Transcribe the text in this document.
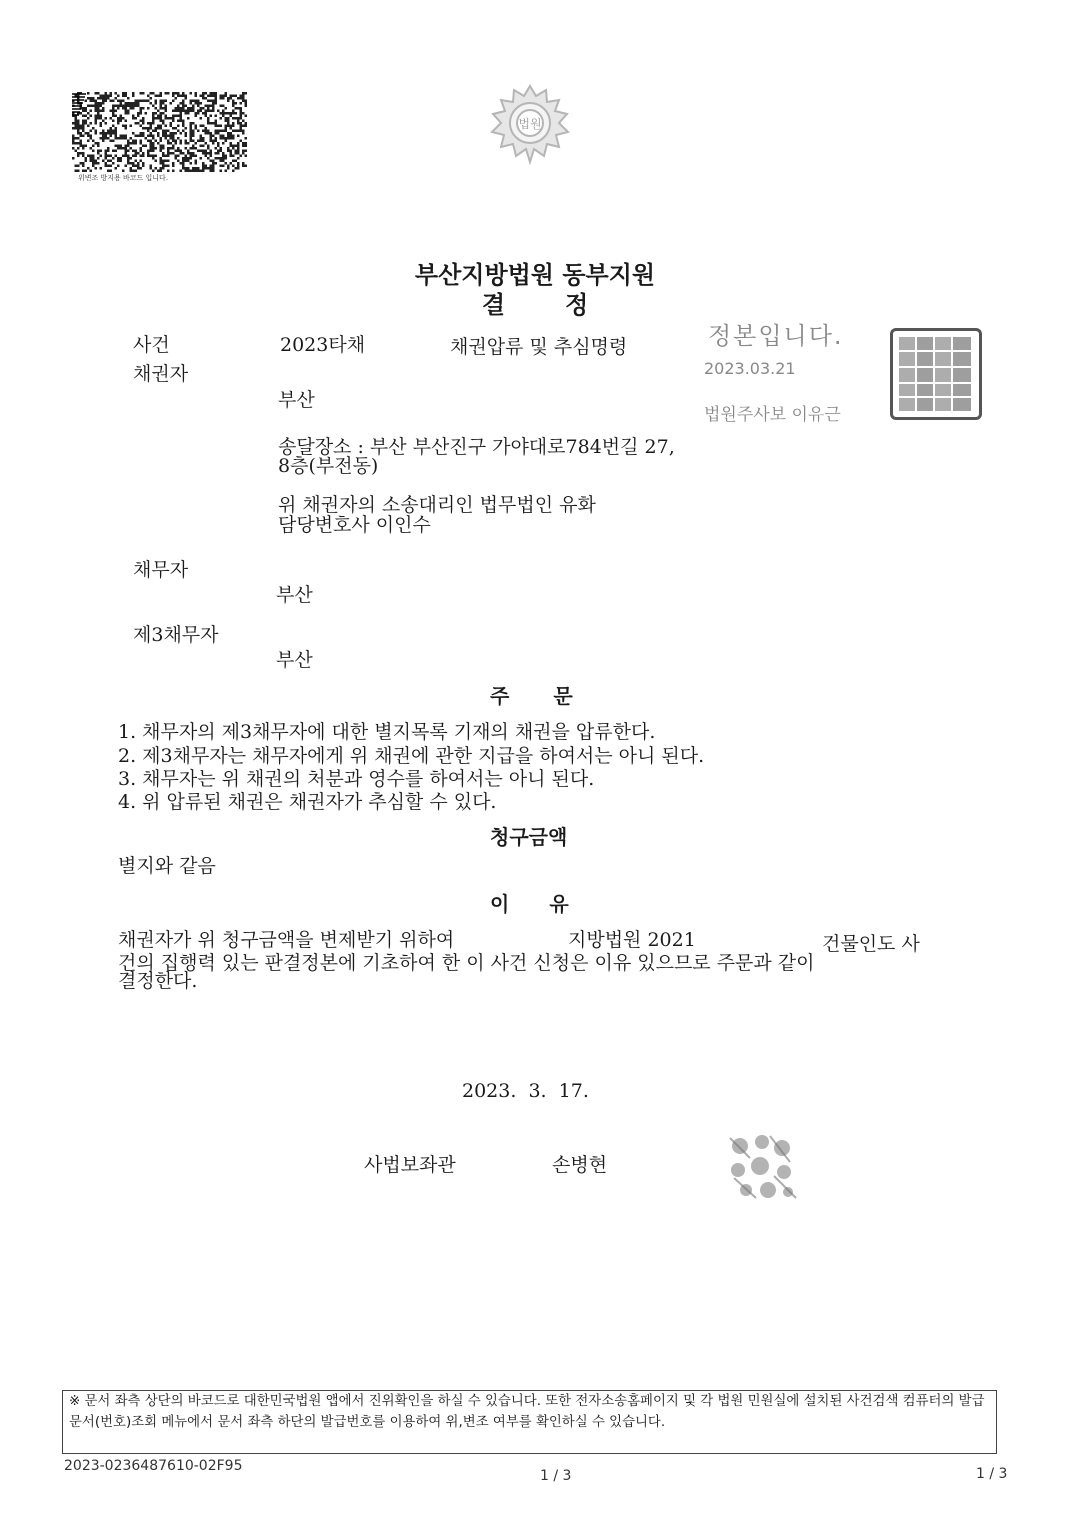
위변조 방지용 바코드 입니다.
법원
부산지방법원 동부지원
결정
사건	2023타채	채권압류 및 추심명령	정본입니다.
2023.03.21
법원주사보 이유근
채권자
부산
송달장소 : 부산 부산진구 가야대로784번길 27,
8층(부전동)
위 채권자의 소송대리인 법무법인 유화
담당변호사 이인수
채무자
부산
제3채무자
부산
주문
1. 채무자의 제3채무자에 대한 별지목록 기재의 채권을 압류한다.
2. 제3채무자는 채무자에게 위 채권에 관한 지급을 하여서는 아니 된다.
3. 채무자는 위 채권의 처분과 영수를 하여서는 아니 된다.
4. 위 압류된 채권은 채권자가 추심할 수 있다.
청구금액
별지와 같음
이유
채권자가 위 청구금액을 변제받기 위하여	지방법원 2021	건물인도 사
건의 집행력 있는 판결정본에 기초하여 한 이 사건 신청은 이유 있으므로 주문과 같이
결정한다.
2023.  3.  17.
사법보좌관	손병현
※ 문서 좌측 상단의 바코드로 대한민국법원 앱에서 진위확인을 하실 수 있습니다. 또한 전자소송홈페이지 및 각 법원 민원실에 설치된 사건검색 컴퓨터의 발급문서(번호)조회 메뉴에서 문서 좌측 하단의 발급번호를 이용하여 위,변조 여부를 확인하실 수 있습니다.
2023-0236487610-02F95
1 / 3	1 / 3
